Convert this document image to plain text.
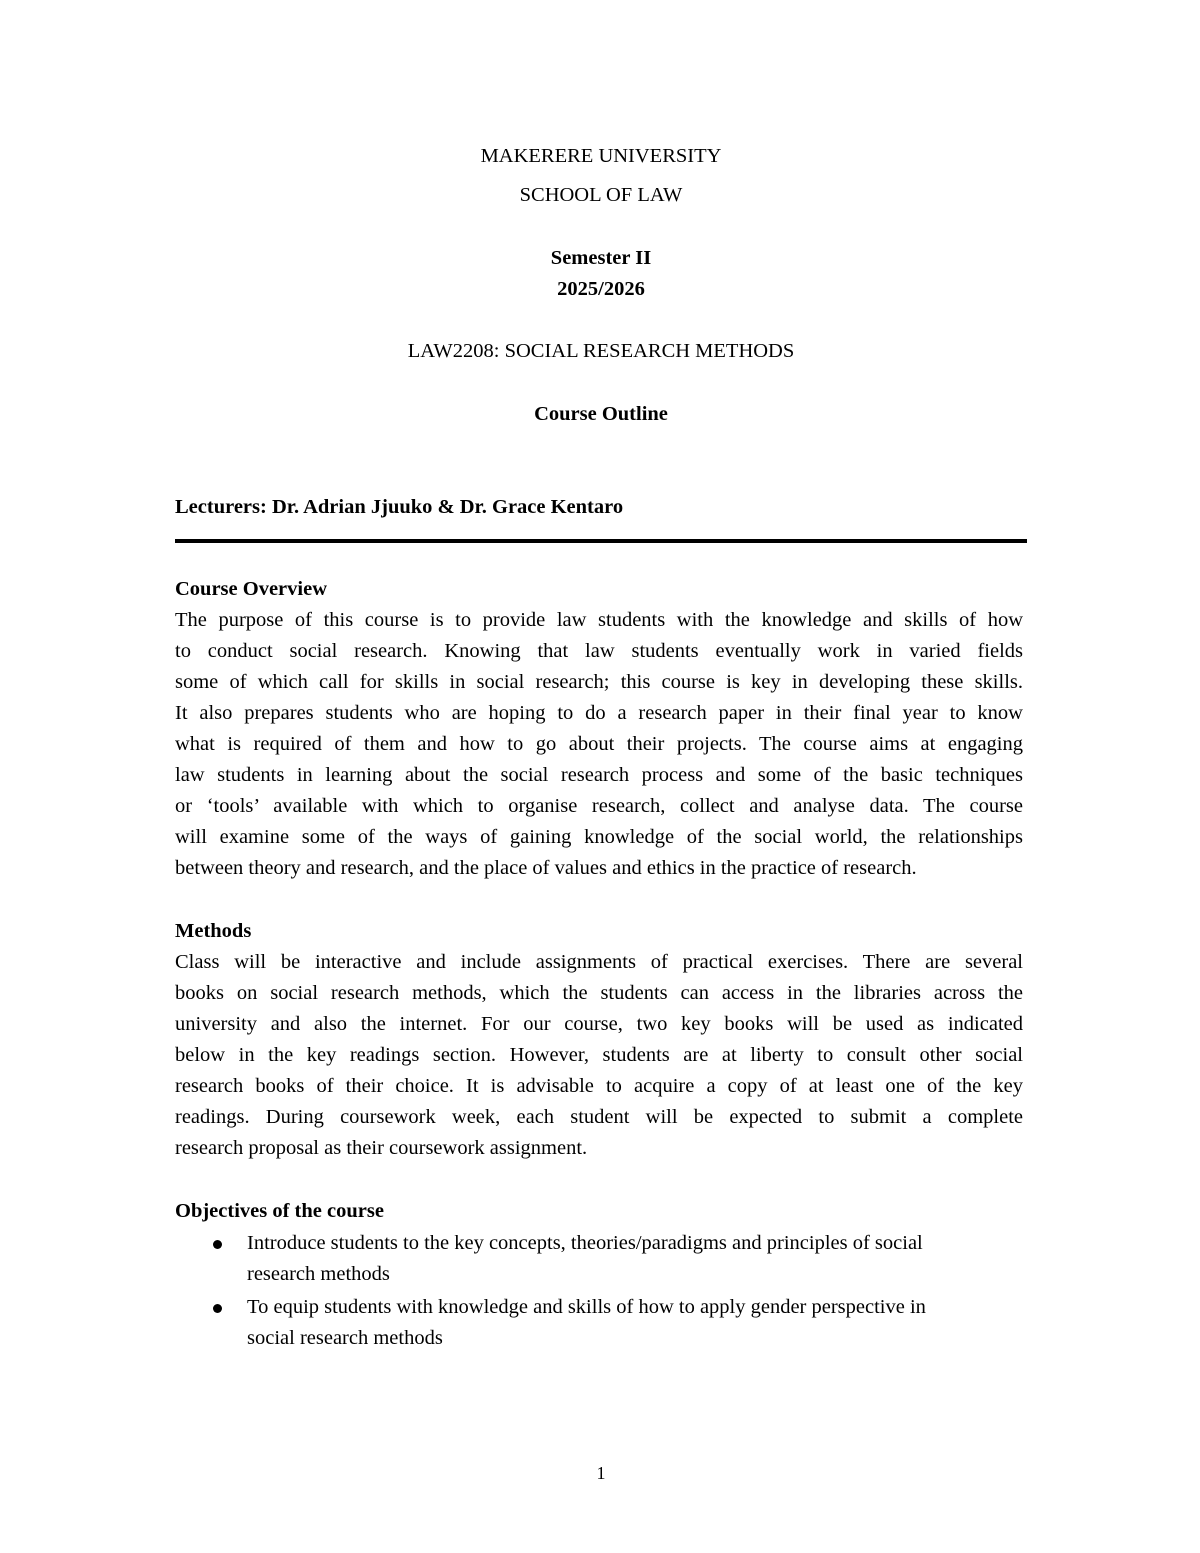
MAKERERE UNIVERSITY
SCHOOL OF LAW
Semester II
2025/2026
LAW2208: SOCIAL RESEARCH METHODS
Course Outline
Lecturers: Dr. Adrian Jjuuko & Dr. Grace Kentaro
Course Overview
The purpose of this course is to provide law students with the knowledge and skills of how
to conduct social research. Knowing that law students eventually work in varied fields
some of which call for skills in social research; this course is key in developing these skills.
It also prepares students who are hoping to do a research paper in their final year to know
what is required of them and how to go about their projects. The course aims at engaging
law students in learning about the social research process and some of the basic techniques
or ‘tools’ available with which to organise research, collect and analyse data. The course
will examine some of the ways of gaining knowledge of the social world, the relationships
between theory and research, and the place of values and ethics in the practice of research.
Methods
Class will be interactive and include assignments of practical exercises. There are several
books on social research methods, which the students can access in the libraries across the
university and also the internet. For our course, two key books will be used as indicated
below in the key readings section. However, students are at liberty to consult other social
research books of their choice. It is advisable to acquire a copy of at least one of the key
readings. During coursework week, each student will be expected to submit a complete
research proposal as their coursework assignment.
Objectives of the course
Introduce students to the key concepts, theories/paradigms and principles of social
research methods
To equip students with knowledge and skills of how to apply gender perspective in
social research methods
1
